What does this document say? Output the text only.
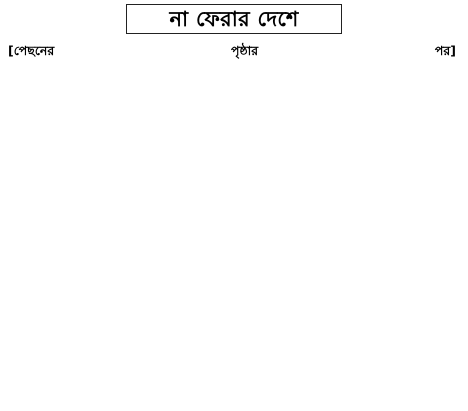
না ফেরার দেশে
[পেছনের পৃষ্ঠার পর]
